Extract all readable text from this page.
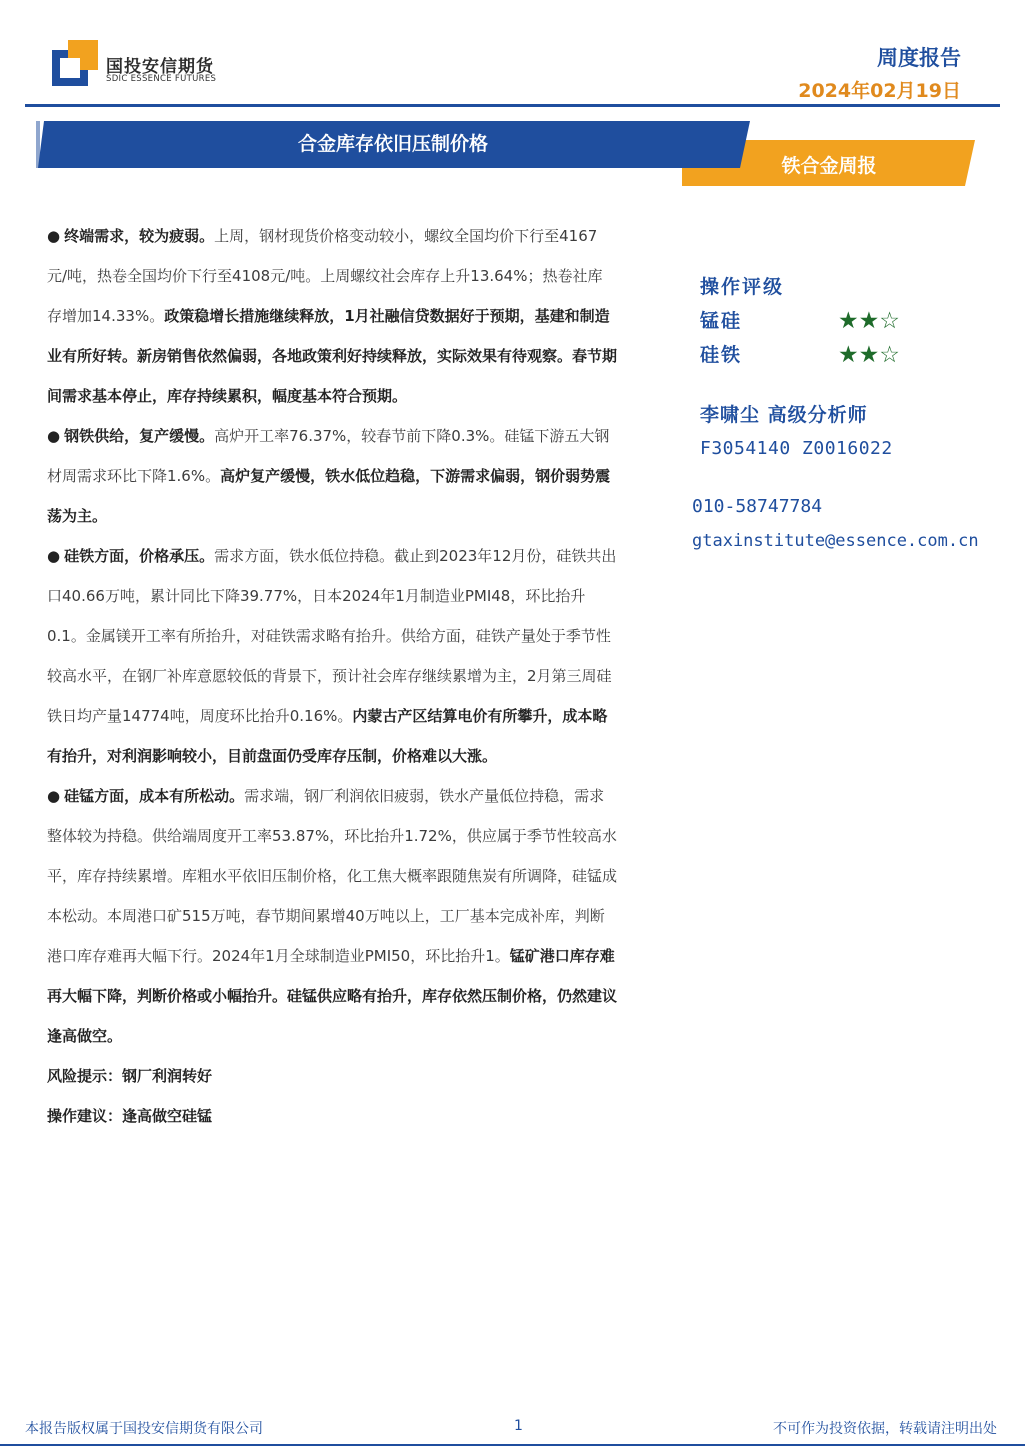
国投安信期货
SDIC ESSENCE FUTURES
周度报告
2024年02月19日
合金库存依旧压制价格
铁合金周报

● 终端需求，较为疲弱。上周，钢材现货价格变动较小，螺纹全国均价下行至4167元/吨，热卷全国均价下行至4108元/吨。上周螺纹社会库存上升13.64%；热卷社库存增加14.33%。政策稳增长措施继续释放，1月社融信贷数据好于预期，基建和制造业有所好转。新房销售依然偏弱，各地政策利好持续释放，实际效果有待观察。春节期间需求基本停止，库存持续累积，幅度基本符合预期。

● 钢铁供给，复产缓慢。高炉开工率76.37%，较春节前下降0.3%。硅锰下游五大钢材周需求环比下降1.6%。高炉复产缓慢，铁水低位趋稳，下游需求偏弱，钢价弱势震荡为主。

● 硅铁方面，价格承压。需求方面，铁水低位持稳。截止到2023年12月份，硅铁共出口40.66万吨，累计同比下降39.77%，日本2024年1月制造业PMI48，环比抬升0.1。金属镁开工率有所抬升，对硅铁需求略有抬升。供给方面，硅铁产量处于季节性较高水平，在钢厂补库意愿较低的背景下，预计社会库存继续累增为主，2月第三周硅铁日均产量14774吨，周度环比抬升0.16%。内蒙古产区结算电价有所攀升，成本略有抬升，对利润影响较小，目前盘面仍受库存压制，价格难以大涨。

● 硅锰方面，成本有所松动。需求端，钢厂利润依旧疲弱，铁水产量低位持稳，需求整体较为持稳。供给端周度开工率53.87%，环比抬升1.72%，供应属于季节性较高水平，库存持续累增。库粗水平依旧压制价格，化工焦大概率跟随焦炭有所调降，硅锰成本松动。本周港口矿515万吨，春节期间累增40万吨以上，工厂基本完成补库，判断港口库存难再大幅下行。2024年1月全球制造业PMI50，环比抬升1。锰矿港口库存难再大幅下降，判断价格或小幅抬升。硅锰供应略有抬升，库存依然压制价格，仍然建议逢高做空。

风险提示：钢厂利润转好

操作建议：逢高做空硅锰

操作评级
锰硅	★★☆
硅铁	★★☆
李啸尘 高级分析师
F3054140 Z0016022
010-58747784
gtaxinstitute@essence.com.cn
本报告版权属于国投安信期货有限公司	1	不可作为投资依据，转载请注明出处
